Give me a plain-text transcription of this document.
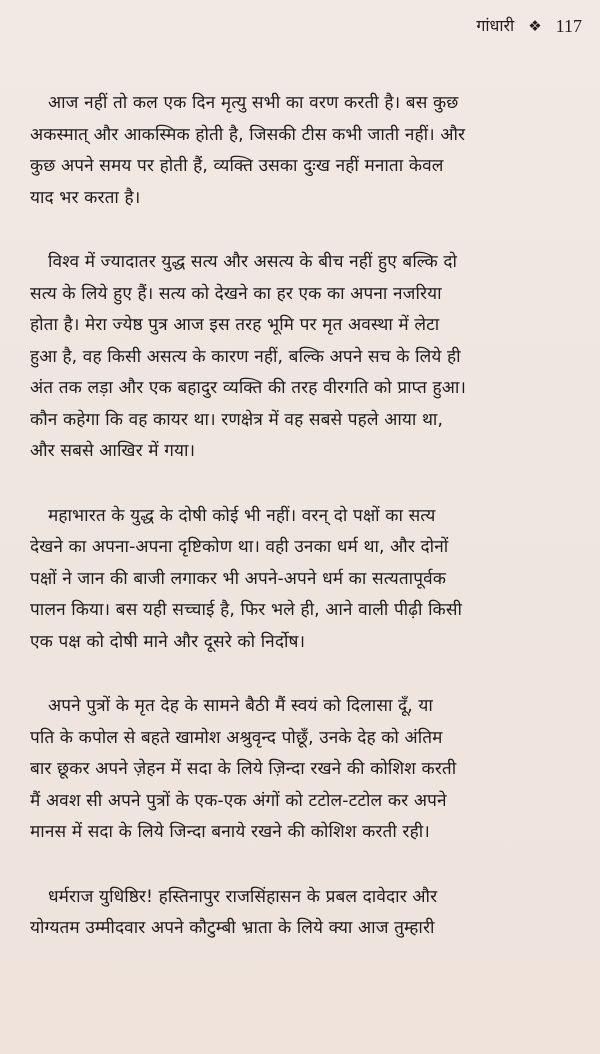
गांधारी ❖ 117

आज नहीं तो कल एक दिन मृत्यु सभी का वरण करती है। बस कुछ
अकस्मात् और आकस्मिक होती है, जिसकी टीस कभी जाती नहीं। और
कुछ अपने समय पर होती हैं, व्यक्ति उसका दुःख नहीं मनाता केवल
याद भर करता है।

विश्व में ज्यादातर युद्ध सत्य और असत्य के बीच नहीं हुए बल्कि दो
सत्य के लिये हुए हैं। सत्य को देखने का हर एक का अपना नजरिया
होता है। मेरा ज्येष्ठ पुत्र आज इस तरह भूमि पर मृत अवस्था में लेटा
हुआ है, वह किसी असत्य के कारण नहीं, बल्कि अपने सच के लिये ही
अंत तक लड़ा और एक बहादुर व्यक्ति की तरह वीरगति को प्राप्त हुआ।
कौन कहेगा कि वह कायर था। रणक्षेत्र में वह सबसे पहले आया था,
और सबसे आखिर में गया।

महाभारत के युद्ध के दोषी कोई भी नहीं। वरन् दो पक्षों का सत्य
देखने का अपना-अपना दृष्टिकोण था। वही उनका धर्म था, और दोनों
पक्षों ने जान की बाजी लगाकर भी अपने-अपने धर्म का सत्यतापूर्वक
पालन किया। बस यही सच्चाई है, फिर भले ही, आने वाली पीढ़ी किसी
एक पक्ष को दोषी माने और दूसरे को निर्दोष।

अपने पुत्रों के मृत देह के सामने बैठी मैं स्वयं को दिलासा दूँ, या
पति के कपोल से बहते खामोश अश्रुवृन्द पोछूँ, उनके देह को अंतिम
बार छूकर अपने ज़ेहन में सदा के लिये ज़िन्दा रखने की कोशिश करती
मैं अवश सी अपने पुत्रों के एक-एक अंगों को टटोल-टटोल कर अपने
मानस में सदा के लिये जिन्दा बनाये रखने की कोशिश करती रही।

धर्मराज युधिष्ठिर! हस्तिनापुर राजसिंहासन के प्रबल दावेदार और
योग्यतम उम्मीदवार अपने कौटुम्बी भ्राता के लिये क्या आज तुम्हारी
